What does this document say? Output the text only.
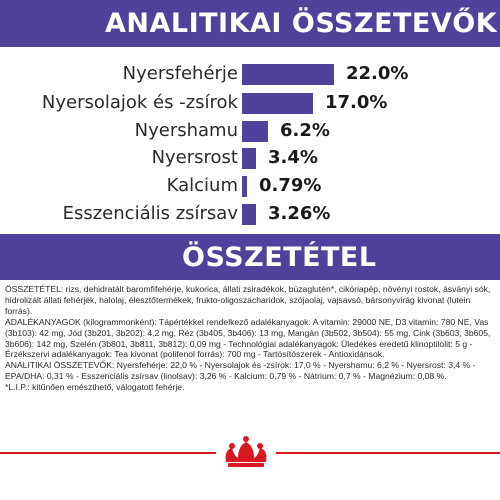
ANALITIKAI ÖSSZETEVŐK
Nyersfehérje	22.0%
Nyersolajok és -zsírok	17.0%
Nyershamu 6.2%
Nyersrost 3.4%
Kalcium 0.79%
Esszenciális zsírsav 3.26%
ÖSSZETÉTEL

ÖSSZETÉTEL: rizs, dehidratált baromfifehérje, kukorica, állati zsiradékok, búzaglutén*, cikóriapép, növényi rostok, ásványi sók, hidrolizált állati fehérjék, halolaj, élesztőtermékek, frukto-oligoszacharidok, szójaolaj, vajsavsó, bársonyvirág kivonat (lutein forrás).

ADALÉKANYAGOK (kilogrammonként): Tápértékkel rendelkező adalékanyagok: A vitamin: 29000 NE, D3 vitamin: 780 NE, Vas (3b103): 42 mg, Jód (3b201, 3b202): 4,2 mg, Réz (3b405, 3b406): 13 mg, Mangán (3b502, 3b504): 55 mg, Cink (3b603, 3b605, 3b606): 142 mg, Szelén (3b801, 3b811, 3b812): 0,09 mg - Technológiai adalékanyagok: Üledékes eredetű klinoptilolit: 5 g - Érzékszervi adalékanyagok: Tea kivonat (polifenol forrás): 700 mg - Tartósítószerek - Antioxidánsok.

ANALITIKAI ÖSSZETEVŐK: Nyersfehérje: 22,0 % - Nyersolajok és -zsírok: 17,0 % - Nyershamu: 6,2 % - Nyersrost: 3,4 % - EPA/DHA: 0,31 % - Esszenciális zsírsav (linolsav): 3,26 % - Kalcium: 0,79 % - Nátrium: 0,7 % - Magnézium: 0,08 %.

*L.I.P.: kitűnően emészthető, válogatott fehérje.
